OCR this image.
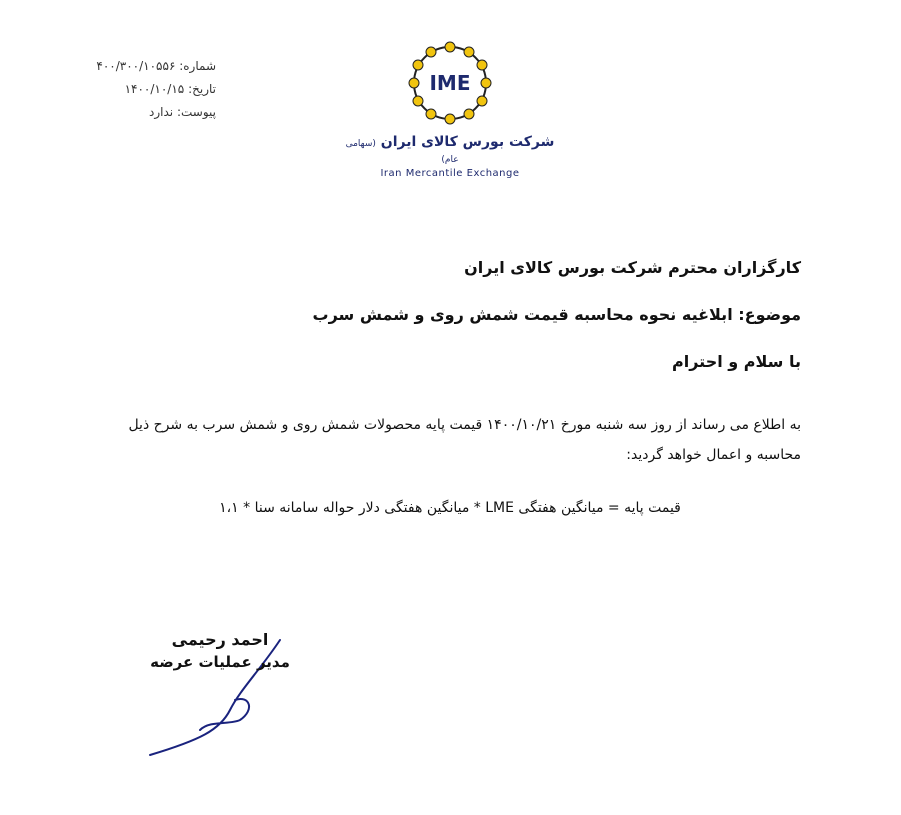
شماره: ۴۰۰/۳۰۰/۱۰۵۵۶
تاریخ: ۱۴۰۰/۱۰/۱۵
پیوست: ندارد
IME
شرکت بورس کالای ایران (سهامی عام)
Iran Mercantile Exchange
کارگزاران محترم شرکت بورس کالای ایران
موضوع: ابلاغیه نحوه محاسبه قیمت شمش روی و شمش سرب
با سلام و احترام
به اطلاع می رساند از روز سه شنبه مورخ ۱۴۰۰/۱۰/۲۱ قیمت پایه محصولات شمش روی و شمش سرب به شرح ذیل محاسبه و اعمال خواهد گردید:
قیمت پایه = میانگین هفتگی LME * میانگین هفتگی دلار حواله سامانه سنا * ۱،۱
احمد رحیمی
مدیر عملیات عرضه
